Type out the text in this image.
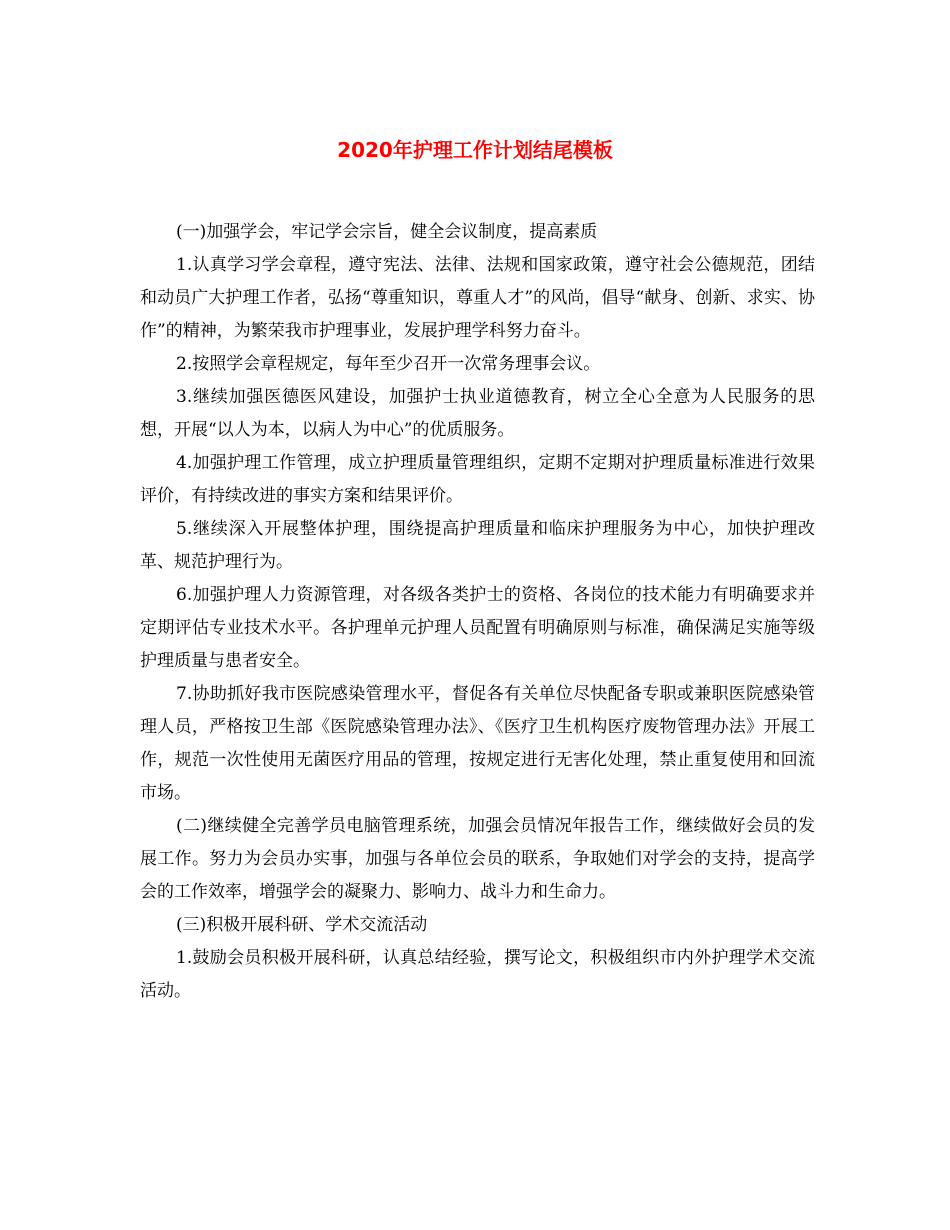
2020年护理工作计划结尾模板

(一)加强学会，牢记学会宗旨，健全会议制度，提高素质

1.认真学习学会章程，遵守宪法、法律、法规和国家政策，遵守社会公德规范，团结和动员广大护理工作者，弘扬“尊重知识，尊重人才”的风尚，倡导“献身、创新、求实、协作”的精神，为繁荣我市护理事业，发展护理学科努力奋斗。

2.按照学会章程规定，每年至少召开一次常务理事会议。

3.继续加强医德医风建设，加强护士执业道德教育，树立全心全意为人民服务的思想，开展“以人为本，以病人为中心”的优质服务。

4.加强护理工作管理，成立护理质量管理组织，定期不定期对护理质量标准进行效果评价，有持续改进的事实方案和结果评价。

5.继续深入开展整体护理，围绕提高护理质量和临床护理服务为中心，加快护理改革、规范护理行为。

6.加强护理人力资源管理，对各级各类护士的资格、各岗位的技术能力有明确要求并定期评估专业技术水平。各护理单元护理人员配置有明确原则与标准，确保满足实施等级护理质量与患者安全。

7.协助抓好我市医院感染管理水平，督促各有关单位尽快配备专职或兼职医院感染管理人员，严格按卫生部《医院感染管理办法》、《医疗卫生机构医疗废物管理办法》开展工作，规范一次性使用无菌医疗用品的管理，按规定进行无害化处理，禁止重复使用和回流市场。

(二)继续健全完善学员电脑管理系统，加强会员情况年报告工作，继续做好会员的发展工作。努力为会员办实事，加强与各单位会员的联系，争取她们对学会的支持，提高学会的工作效率，增强学会的凝聚力、影响力、战斗力和生命力。

(三)积极开展科研、学术交流活动

1.鼓励会员积极开展科研，认真总结经验，撰写论文，积极组织市内外护理学术交流活动。
